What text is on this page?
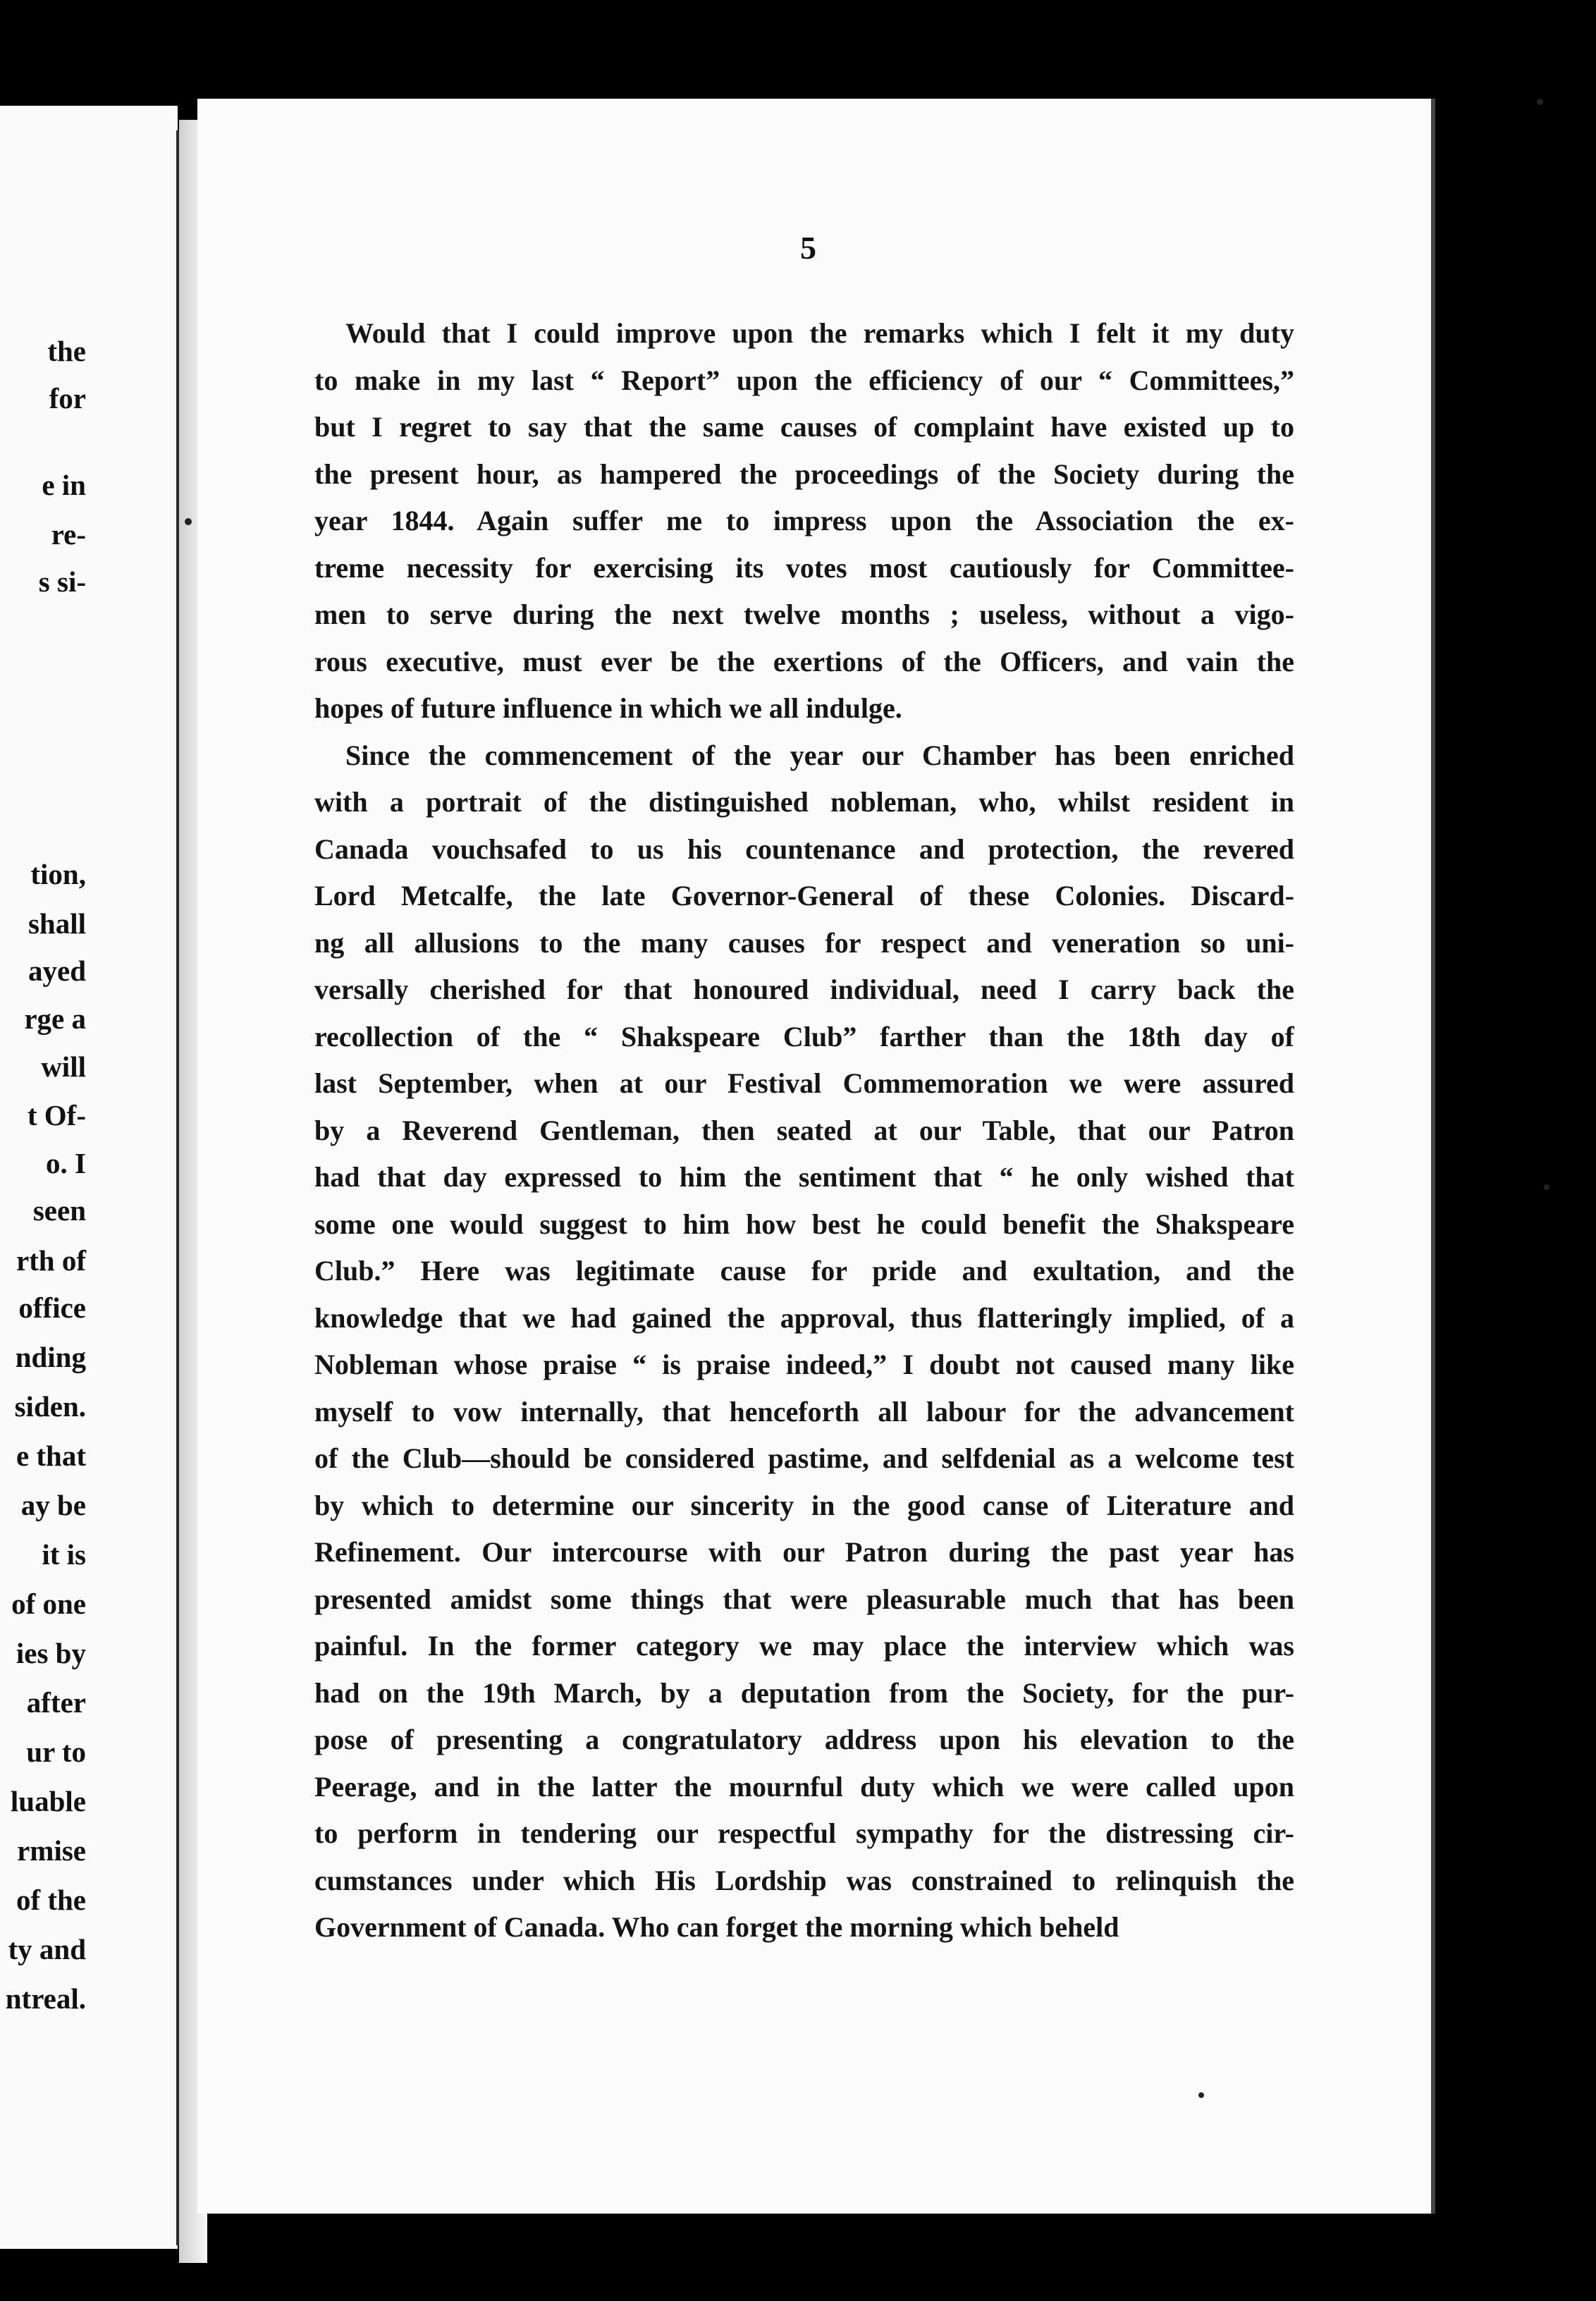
the
for
e in
re-
s si-
tion,
shall
ayed
rge a
will
t Of-
o. I
seen
rth of
office
nding
siden.
e that
ay be
it is
of one
ies by
after
ur to
luable
rmise
of the
ty and
ntreal.
5
Would that I could improve upon the remarks which I felt it my duty
to make in my last “ Report” upon the efficiency of our “ Committees,”
but I regret to say that the same causes of complaint have existed up to
the present hour, as hampered the proceedings of the Society during the
year 1844. Again suffer me to impress upon the Association the ex-
treme necessity for exercising its votes most cautiously for Committee-
men to serve during the next twelve months ; useless, without a vigo-
rous executive, must ever be the exertions of the Officers, and vain the
hopes of future influence in which we all indulge.
Since the commencement of the year our Chamber has been enriched
with a portrait of the distinguished nobleman, who, whilst resident in
Canada vouchsafed to us his countenance and protection, the revered
Lord Metcalfe, the late Governor-General of these Colonies. Discard-
ng all allusions to the many causes for respect and veneration so uni-
versally cherished for that honoured individual, need I carry back the
recollection of the “ Shakspeare Club” farther than the 18th day of
last September, when at our Festival Commemoration we were assured
by a Reverend Gentleman, then seated at our Table, that our Patron
had that day expressed to him the sentiment that “ he only wished that
some one would suggest to him how best he could benefit the Shakspeare
Club.” Here was legitimate cause for pride and exultation, and the
knowledge that we had gained the approval, thus flatteringly implied, of a
Nobleman whose praise “ is praise indeed,” I doubt not caused many like
myself to vow internally, that henceforth all labour for the advancement
of the Club—should be considered pastime, and selfdenial as a welcome test
by which to determine our sincerity in the good canse of Literature and
Refinement. Our intercourse with our Patron during the past year has
presented amidst some things that were pleasurable much that has been
painful. In the former category we may place the interview which was
had on the 19th March, by a deputation from the Society, for the pur-
pose of presenting a congratulatory address upon his elevation to the
Peerage, and in the latter the mournful duty which we were called upon
to perform in tendering our respectful sympathy for the distressing cir-
cumstances under which His Lordship was constrained to relinquish the
Government of Canada. Who can forget the morning which beheld
